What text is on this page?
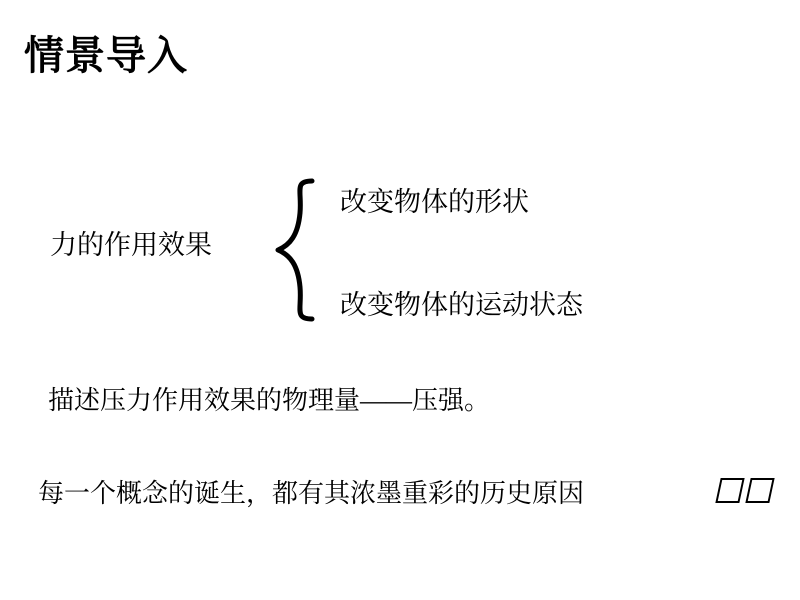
情景导入
力的作用效果
改变物体的形状
改变物体的运动状态
描述压力作用效果的物理量——压强。
每一个概念的诞生，都有其浓墨重彩的历史原因
